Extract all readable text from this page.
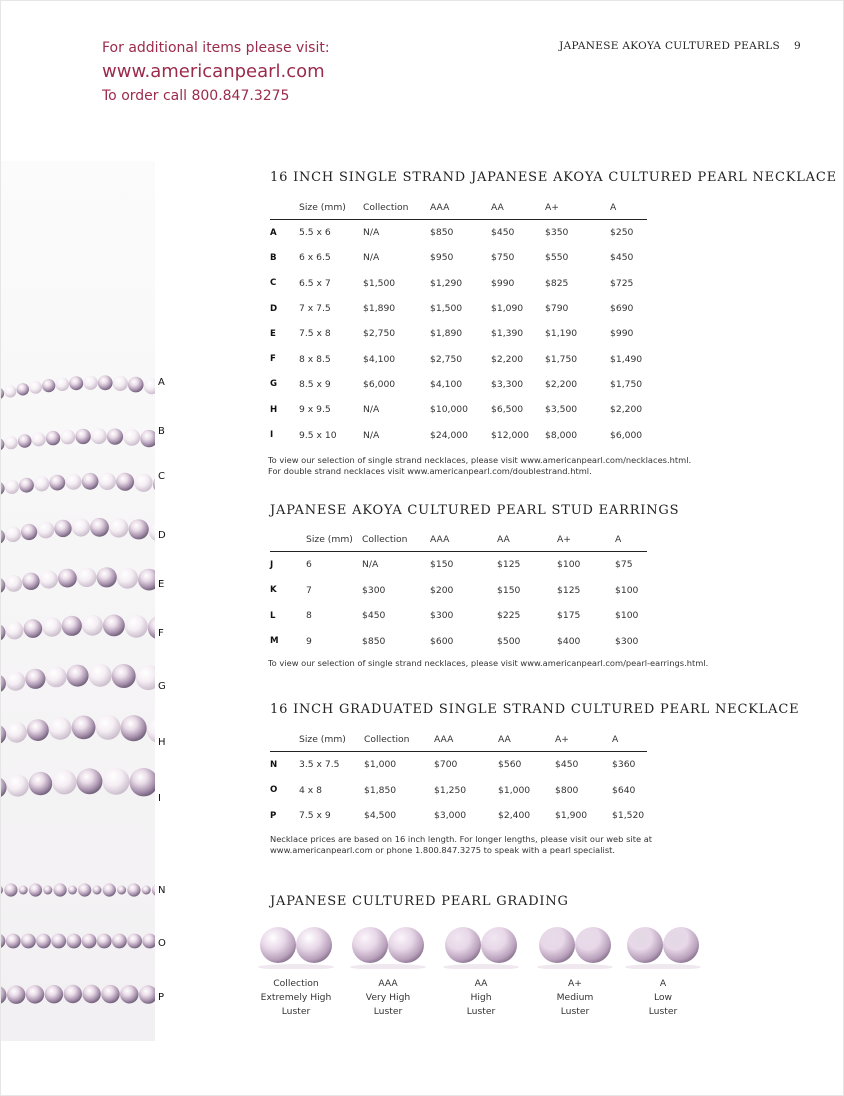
For additional items please visit:
www.americanpearl.com
To order call 800.847.3275
JAPANESE AKOYA CULTURED PEARLS 9
A
B
C
D
E
F
G
H
I
N
O
P
16 INCH SINGLE STRAND JAPANESE AKOYA CULTURED PEARL NECKLACE
	Size (mm)	Collection	AAA	AA	A+	A
A	5.5 x 6	N/A	$850	$450	$350	$250
B	6 x 6.5	N/A	$950	$750	$550	$450
C	6.5 x 7	$1,500	$1,290	$990	$825	$725
D	7 x 7.5	$1,890	$1,500	$1,090	$790	$690
E	7.5 x 8	$2,750	$1,890	$1,390	$1,190	$990
F	8 x 8.5	$4,100	$2,750	$2,200	$1,750	$1,490
G	8.5 x 9	$6,000	$4,100	$3,300	$2,200	$1,750
H	9 x 9.5	N/A	$10,000	$6,500	$3,500	$2,200
I	9.5 x 10	N/A	$24,000	$12,000	$8,000	$6,000
To view our selection of single strand necklaces, please visit www.americanpearl.com/necklaces.html.
For double strand necklaces visit www.americanpearl.com/doublestrand.html.
JAPANESE AKOYA CULTURED PEARL STUD EARRINGS
	Size (mm)	Collection	AAA	AA	A+	A
J	6	N/A	$150	$125	$100	$75
K	7	$300	$200	$150	$125	$100
L	8	$450	$300	$225	$175	$100
M	9	$850	$600	$500	$400	$300
To view our selection of single strand necklaces, please visit www.americanpearl.com/pearl-earrings.html.
16 INCH GRADUATED SINGLE STRAND CULTURED PEARL NECKLACE
	Size (mm)	Collection	AAA	AA	A+	A
N	3.5 x 7.5	$1,000	$700	$560	$450	$360
O	4 x 8	$1,850	$1,250	$1,000	$800	$640
P	7.5 x 9	$4,500	$3,000	$2,400	$1,900	$1,520
Necklace prices are based on 16 inch length. For longer lengths, please visit our web site at
www.americanpearl.com or phone 1.800.847.3275 to speak with a pearl specialist.
JAPANESE CULTURED PEARL GRADING
Collection
Extremely High
Luster
AAA
Very High
Luster
AA
High
Luster
A+
Medium
Luster
A
Low
Luster
